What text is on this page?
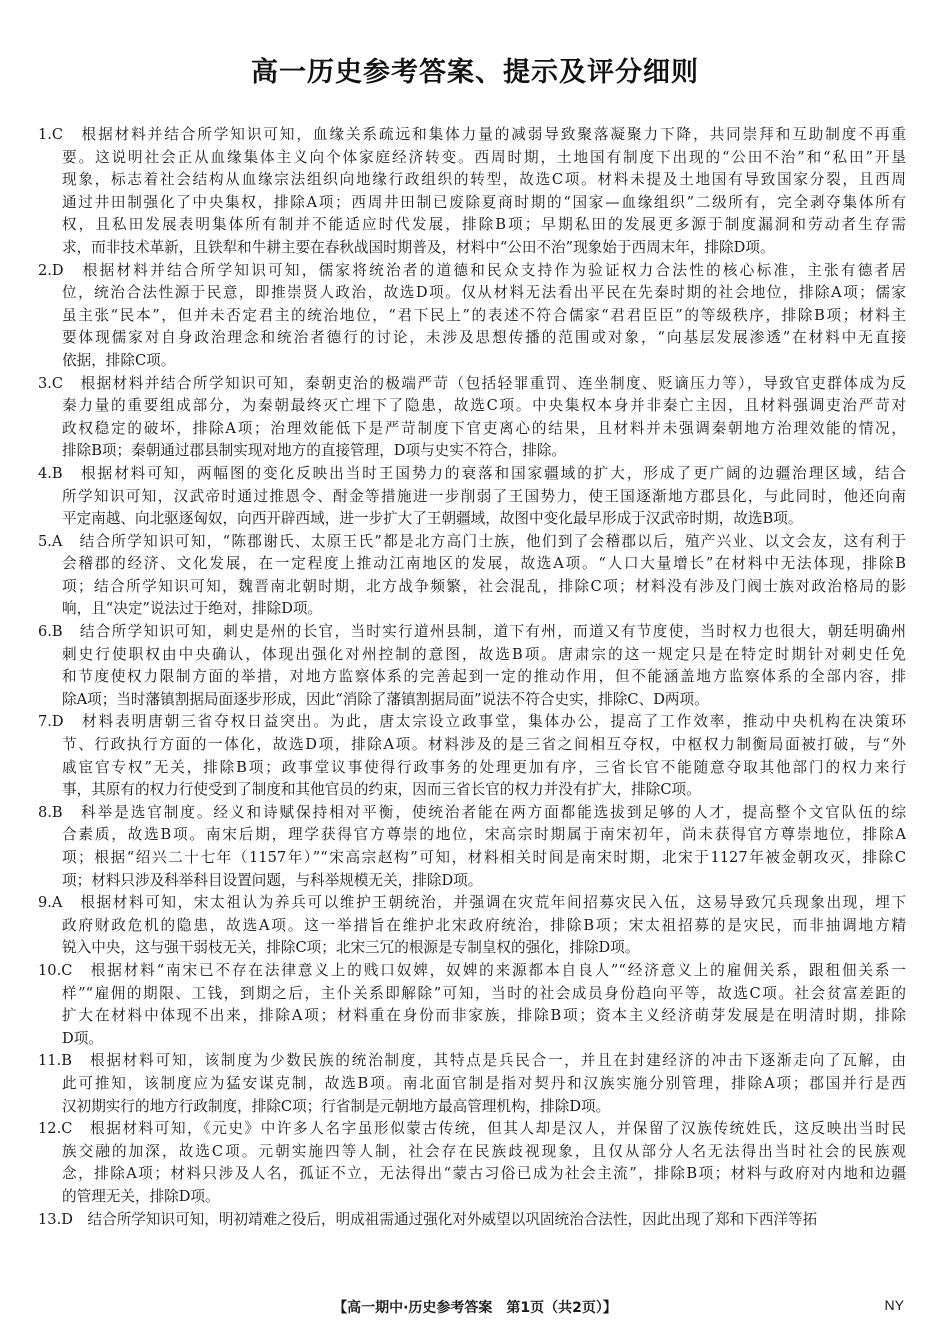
高一历史参考答案、提示及评分细则
1.C　根据材料并结合所学知识可知，血缘关系疏远和集体力量的减弱导致聚落凝聚力下降，共同崇拜和互助制度不再重
要。这说明社会正从血缘集体主义向个体家庭经济转变。西周时期，土地国有制度下出现的“公田不治”和“私田”开垦
现象，标志着社会结构从血缘宗法组织向地缘行政组织的转型，故选C项。材料未提及土地国有导致国家分裂，且西周
通过井田制强化了中央集权，排除A项；西周井田制已废除夏商时期的“国家—血缘组织”二级所有，完全剥夺集体所有
权，且私田发展表明集体所有制并不能适应时代发展，排除B项；早期私田的发展更多源于制度漏洞和劳动者生存需
求，而非技术革新，且铁犁和牛耕主要在春秋战国时期普及，材料中“公田不治”现象始于西周末年，排除D项。
2.D　根据材料并结合所学知识可知，儒家将统治者的道德和民众支持作为验证权力合法性的核心标准，主张有德者居
位，统治合法性源于民意，即推崇贤人政治，故选D项。仅从材料无法看出平民在先秦时期的社会地位，排除A项；儒家
虽主张“民本”，但并未否定君主的统治地位，“君下民上”的表述不符合儒家“君君臣臣”的等级秩序，排除B项；材料主
要体现儒家对自身政治理念和统治者德行的讨论，未涉及思想传播的范围或对象，“向基层发展渗透”在材料中无直接
依据，排除C项。
3.C　根据材料并结合所学知识可知，秦朝吏治的极端严苛（包括轻罪重罚、连坐制度、贬谪压力等），导致官吏群体成为反
秦力量的重要组成部分，为秦朝最终灭亡埋下了隐患，故选C项。中央集权本身并非秦亡主因，且材料强调吏治严苛对
政权稳定的破坏，排除A项；治理效能低下是严苛制度下官吏离心的结果，且材料并未强调秦朝地方治理效能的情况，
排除B项；秦朝通过郡县制实现对地方的直接管理，D项与史实不符合，排除。
4.B　根据材料可知，两幅图的变化反映出当时王国势力的衰落和国家疆域的扩大，形成了更广阔的边疆治理区域，结合
所学知识可知，汉武帝时通过推恩令、酎金等措施进一步削弱了王国势力，使王国逐渐地方郡县化，与此同时，他还向南
平定南越、向北驱逐匈奴，向西开辟西域，进一步扩大了王朝疆域，故图中变化最早形成于汉武帝时期，故选B项。
5.A　结合所学知识可知，“陈郡谢氏、太原王氏”都是北方高门士族，他们到了会稽郡以后，殖产兴业、以文会友，这有利于
会稽郡的经济、文化发展，在一定程度上推动江南地区的发展，故选A项。“人口大量增长”在材料中无法体现，排除B
项；结合所学知识可知，魏晋南北朝时期，北方战争频繁，社会混乱，排除C项；材料没有涉及门阀士族对政治格局的影
响，且“决定”说法过于绝对，排除D项。
6.B　结合所学知识可知，刺史是州的长官，当时实行道州县制，道下有州，而道又有节度使，当时权力也很大，朝廷明确州
刺史行使职权由中央确认，体现出强化对州控制的意图，故选B项。唐肃宗的这一规定只是在特定时期针对刺史任免
和节度使权力限制方面的举措，对地方监察体系的完善起到一定的推动作用，但不能涵盖地方监察体系的全部内容，排
除A项；当时藩镇割据局面逐步形成，因此“消除了藩镇割据局面”说法不符合史实，排除C、D两项。
7.D　材料表明唐朝三省夺权日益突出。为此，唐太宗设立政事堂，集体办公，提高了工作效率，推动中央机构在决策环
节、行政执行方面的一体化，故选D项，排除A项。材料涉及的是三省之间相互夺权，中枢权力制衡局面被打破，与“外
戚宦官专权”无关，排除B项；政事堂议事使得行政事务的处理更加有序，三省长官不能随意夺取其他部门的权力来行
事，其原有的权力行使受到了制度和其他官员的约束，因而三省长官的权力并没有扩大，排除C项。
8.B　科举是选官制度。经义和诗赋保持相对平衡，使统治者能在两方面都能选拔到足够的人才，提高整个文官队伍的综
合素质，故选B项。南宋后期，理学获得官方尊崇的地位，宋高宗时期属于南宋初年，尚未获得官方尊崇地位，排除A
项；根据“绍兴二十七年（1157年）”“宋高宗赵构”可知，材料相关时间是南宋时期，北宋于1127年被金朝攻灭，排除C
项；材料只涉及科举科目设置问题，与科举规模无关，排除D项。
9.A　根据材料可知，宋太祖认为养兵可以维护王朝统治，并强调在灾荒年间招募灾民入伍，这易导致冗兵现象出现，埋下
政府财政危机的隐患，故选A项。这一举措旨在维护北宋政府统治，排除B项；宋太祖招募的是灾民，而非抽调地方精
锐入中央，这与强干弱枝无关，排除C项；北宋三冗的根源是专制皇权的强化，排除D项。
10.C　根据材料“南宋已不存在法律意义上的贱口奴婢，奴婢的来源都本自良人”“经济意义上的雇佣关系，跟租佃关系一
样”“雇佣的期限、工钱，到期之后，主仆关系即解除”可知，当时的社会成员身份趋向平等，故选C项。社会贫富差距的
扩大在材料中体现不出来，排除A项；材料重在身份而非家族，排除B项；资本主义经济萌芽发展是在明清时期，排除
D项。
11.B　根据材料可知，该制度为少数民族的统治制度，其特点是兵民合一，并且在封建经济的冲击下逐渐走向了瓦解，由
此可推知，该制度应为猛安谋克制，故选B项。南北面官制是指对契丹和汉族实施分别管理，排除A项；郡国并行是西
汉初期实行的地方行政制度，排除C项；行省制是元朝地方最高管理机构，排除D项。
12.C　根据材料可知，《元史》中许多人名字虽形似蒙古传统，但其人却是汉人，并保留了汉族传统姓氏，这反映出当时民
族交融的加深，故选C项。元朝实施四等人制，社会存在民族歧视现象，且仅从部分人名无法得出当时社会的民族观
念，排除A项；材料只涉及人名，孤证不立，无法得出“蒙古习俗已成为社会主流”，排除B项；材料与政府对内地和边疆
的管理无关，排除D项。
13.D　结合所学知识可知，明初靖难之役后，明成祖需通过强化对外威望以巩固统治合法性，因此出现了郑和下西洋等拓
【高一期中·历史参考答案　第1页（共2页）】	NY
